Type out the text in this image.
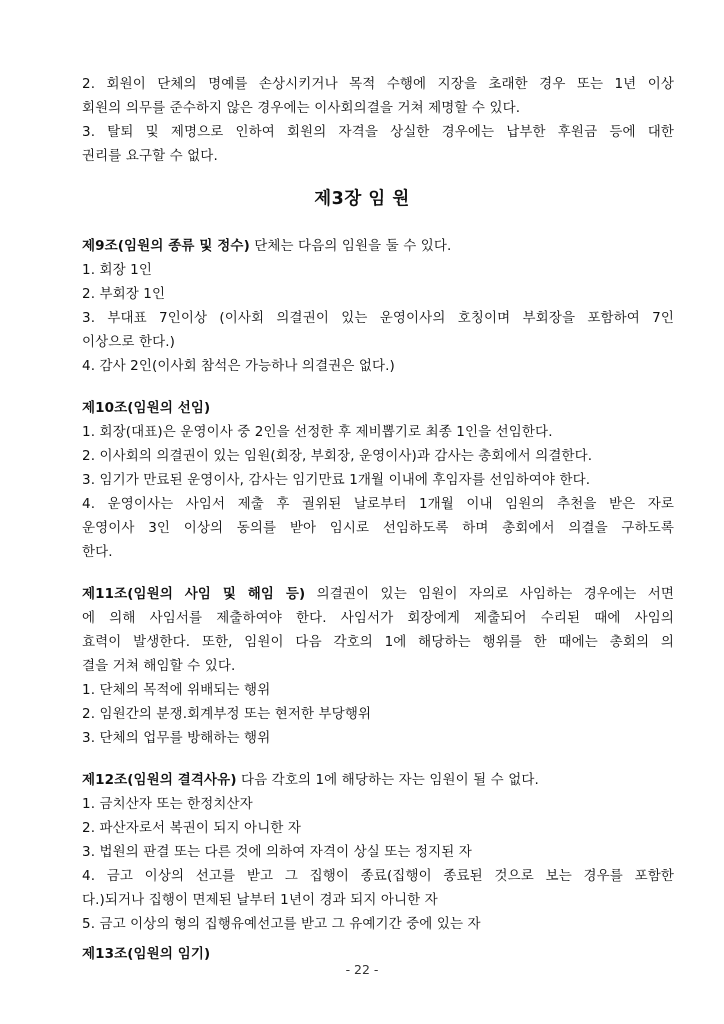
2. 회원이 단체의 명예를 손상시키거나 목적 수행에 지장을 초래한 경우 또는 1년 이상
회원의 의무를 준수하지 않은 경우에는 이사회의결을 거쳐 제명할 수 있다.
3. 탈퇴 및 제명으로 인하여 회원의 자격을 상실한 경우에는 납부한 후원금 등에 대한
권리를 요구할 수 없다.
제3장 임 원
제9조(임원의 종류 및 정수) 단체는 다음의 임원을 둘 수 있다.
1. 회장 1인
2. 부회장 1인
3. 부대표 7인이상 (이사회 의결권이 있는 운영이사의 호칭이며 부회장을 포함하여 7인
이상으로 한다.)
4. 감사 2인(이사회 참석은 가능하나 의결권은 없다.)
제10조(임원의 선임)
1. 회장(대표)은 운영이사 중 2인을 선정한 후 제비뽑기로 최종 1인을 선임한다.
2. 이사회의 의결권이 있는 임원(회장, 부회장, 운영이사)과 감사는 총회에서 의결한다.
3. 임기가 만료된 운영이사, 감사는 임기만료 1개월 이내에 후임자를 선임하여야 한다.
4. 운영이사는 사임서 제출 후 궐위된 날로부터 1개월 이내 임원의 추천을 받은 자로
운영이사 3인 이상의 동의를 받아 임시로 선임하도록 하며 총회에서 의결을 구하도록
한다.
제11조(임원의 사임 및 해임 등) 의결권이 있는 임원이 자의로 사임하는 경우에는 서면
에 의해 사임서를 제출하여야 한다. 사임서가 회장에게 제출되어 수리된 때에 사임의
효력이 발생한다. 또한, 임원이 다음 각호의 1에 해당하는 행위를 한 때에는 총회의 의
결을 거쳐 해임할 수 있다.
1. 단체의 목적에 위배되는 행위
2. 임원간의 분쟁.회계부정 또는 현저한 부당행위
3. 단체의 업무를 방해하는 행위
제12조(임원의 결격사유) 다음 각호의 1에 해당하는 자는 임원이 될 수 없다.
1. 금치산자 또는 한정치산자
2. 파산자로서 복권이 되지 아니한 자
3. 법원의 판결 또는 다른 것에 의하여 자격이 상실 또는 정지된 자
4. 금고 이상의 선고를 받고 그 집행이 종료(집행이 종료된 것으로 보는 경우를 포함한
다.)되거나 집행이 면제된 날부터 1년이 경과 되지 아니한 자
5. 금고 이상의 형의 집행유예선고를 받고 그 유예기간 중에 있는 자
제13조(임원의 임기)
- 22 -
